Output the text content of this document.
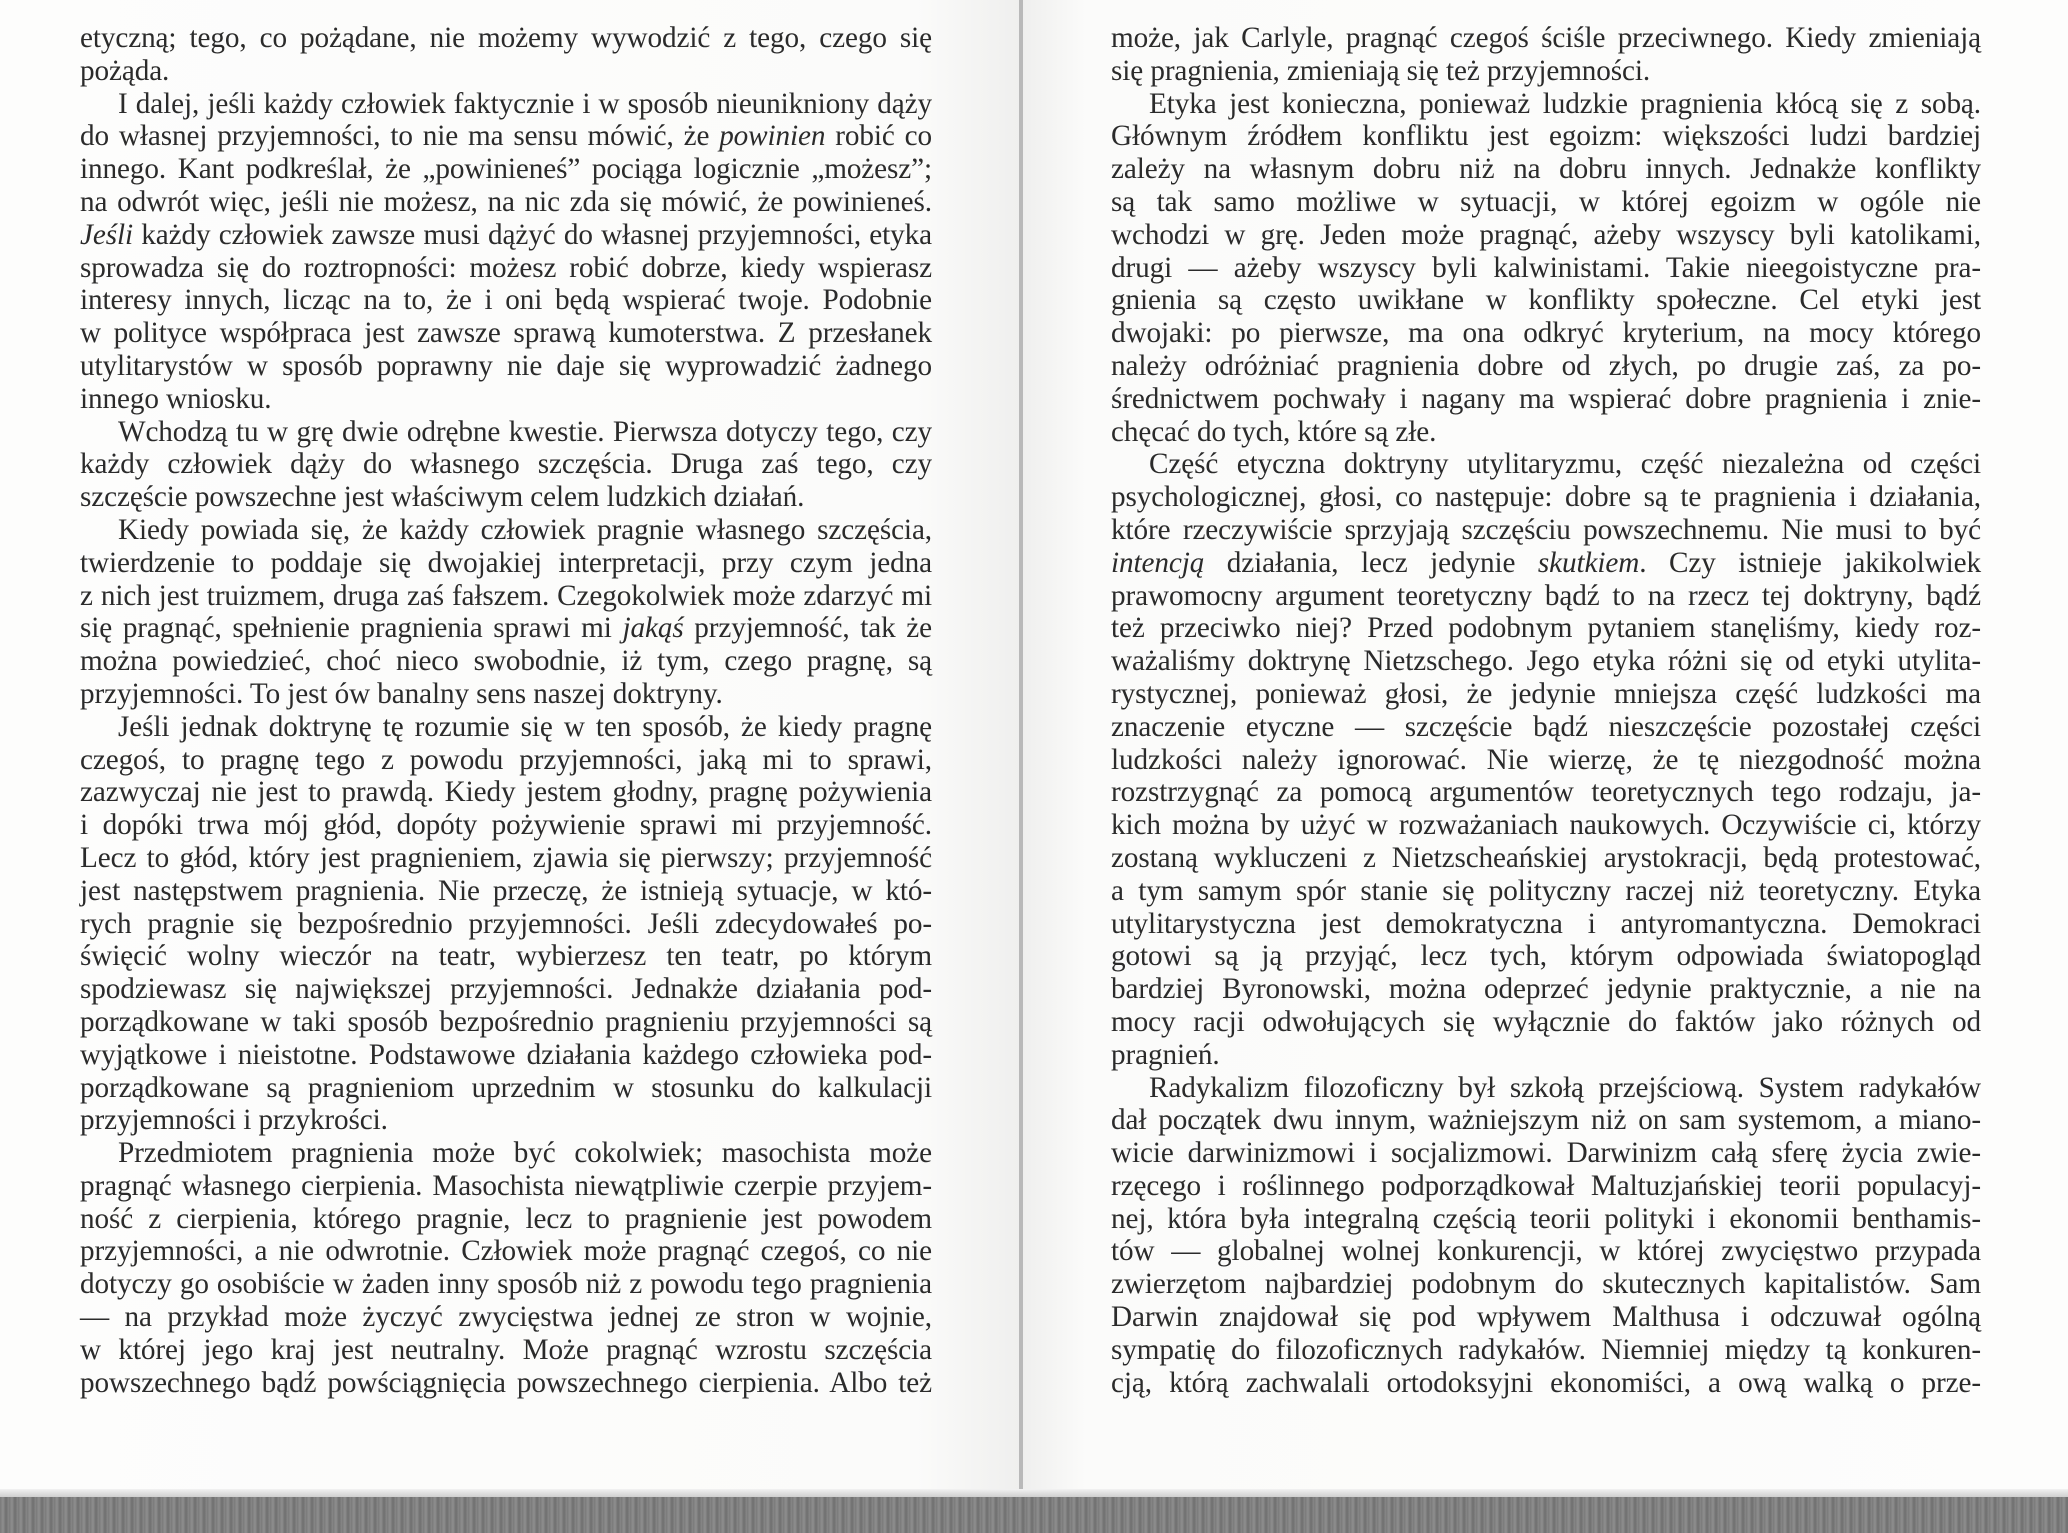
etyczną; tego, co pożądane, nie możemy wywodzić z tego, czego się
pożąda.
I dalej, jeśli każdy człowiek faktycznie i w sposób nieunikniony dąży
do własnej przyjemności, to nie ma sensu mówić, że powinien robić co
innego. Kant podkreślał, że „powinieneś” pociąga logicznie „możesz”;
na odwrót więc, jeśli nie możesz, na nic zda się mówić, że powinieneś.
Jeśli każdy człowiek zawsze musi dążyć do własnej przyjemności, etyka
sprowadza się do roztropności: możesz robić dobrze, kiedy wspierasz
interesy innych, licząc na to, że i oni będą wspierać twoje. Podobnie
w polityce współpraca jest zawsze sprawą kumoterstwa. Z przesłanek
utylitarystów w sposób poprawny nie daje się wyprowadzić żadnego
innego wniosku.
Wchodzą tu w grę dwie odrębne kwestie. Pierwsza dotyczy tego, czy
każdy człowiek dąży do własnego szczęścia. Druga zaś tego, czy
szczęście powszechne jest właściwym celem ludzkich działań.
Kiedy powiada się, że każdy człowiek pragnie własnego szczęścia,
twierdzenie to poddaje się dwojakiej interpretacji, przy czym jedna
z nich jest truizmem, druga zaś fałszem. Czegokolwiek może zdarzyć mi
się pragnąć, spełnienie pragnienia sprawi mi jakąś przyjemność, tak że
można powiedzieć, choć nieco swobodnie, iż tym, czego pragnę, są
przyjemności. To jest ów banalny sens naszej doktryny.
Jeśli jednak doktrynę tę rozumie się w ten sposób, że kiedy pragnę
czegoś, to pragnę tego z powodu przyjemności, jaką mi to sprawi,
zazwyczaj nie jest to prawdą. Kiedy jestem głodny, pragnę pożywienia
i dopóki trwa mój głód, dopóty pożywienie sprawi mi przyjemność.
Lecz to głód, który jest pragnieniem, zjawia się pierwszy; przyjemność
jest następstwem pragnienia. Nie przeczę, że istnieją sytuacje, w któ-
rych pragnie się bezpośrednio przyjemności. Jeśli zdecydowałeś po-
święcić wolny wieczór na teatr, wybierzesz ten teatr, po którym
spodziewasz się największej przyjemności. Jednakże działania pod-
porządkowane w taki sposób bezpośrednio pragnieniu przyjemności są
wyjątkowe i nieistotne. Podstawowe działania każdego człowieka pod-
porządkowane są pragnieniom uprzednim w stosunku do kalkulacji
przyjemności i przykrości.
Przedmiotem pragnienia może być cokolwiek; masochista może
pragnąć własnego cierpienia. Masochista niewątpliwie czerpie przyjem-
ność z cierpienia, którego pragnie, lecz to pragnienie jest powodem
przyjemności, a nie odwrotnie. Człowiek może pragnąć czegoś, co nie
dotyczy go osobiście w żaden inny sposób niż z powodu tego pragnienia
— na przykład może życzyć zwycięstwa jednej ze stron w wojnie,
w której jego kraj jest neutralny. Może pragnąć wzrostu szczęścia
powszechnego bądź powściągnięcia powszechnego cierpienia. Albo też
może, jak Carlyle, pragnąć czegoś ściśle przeciwnego. Kiedy zmieniają
się pragnienia, zmieniają się też przyjemności.
Etyka jest konieczna, ponieważ ludzkie pragnienia kłócą się z sobą.
Głównym źródłem konfliktu jest egoizm: większości ludzi bardziej
zależy na własnym dobru niż na dobru innych. Jednakże konflikty
są tak samo możliwe w sytuacji, w której egoizm w ogóle nie
wchodzi w grę. Jeden może pragnąć, ażeby wszyscy byli katolikami,
drugi — ażeby wszyscy byli kalwinistami. Takie nieegoistyczne pra-
gnienia są często uwikłane w konflikty społeczne. Cel etyki jest
dwojaki: po pierwsze, ma ona odkryć kryterium, na mocy którego
należy odróżniać pragnienia dobre od złych, po drugie zaś, za po-
średnictwem pochwały i nagany ma wspierać dobre pragnienia i znie-
chęcać do tych, które są złe.
Część etyczna doktryny utylitaryzmu, część niezależna od części
psychologicznej, głosi, co następuje: dobre są te pragnienia i działania,
które rzeczywiście sprzyjają szczęściu powszechnemu. Nie musi to być
intencją działania, lecz jedynie skutkiem. Czy istnieje jakikolwiek
prawomocny argument teoretyczny bądź to na rzecz tej doktryny, bądź
też przeciwko niej? Przed podobnym pytaniem stanęliśmy, kiedy roz-
ważaliśmy doktrynę Nietzschego. Jego etyka różni się od etyki utylita-
rystycznej, ponieważ głosi, że jedynie mniejsza część ludzkości ma
znaczenie etyczne — szczęście bądź nieszczęście pozostałej części
ludzkości należy ignorować. Nie wierzę, że tę niezgodność można
rozstrzygnąć za pomocą argumentów teoretycznych tego rodzaju, ja-
kich można by użyć w rozważaniach naukowych. Oczywiście ci, którzy
zostaną wykluczeni z Nietzscheańskiej arystokracji, będą protestować,
a tym samym spór stanie się polityczny raczej niż teoretyczny. Etyka
utylitarystyczna jest demokratyczna i antyromantyczna. Demokraci
gotowi są ją przyjąć, lecz tych, którym odpowiada światopogląd
bardziej Byronowski, można odeprzeć jedynie praktycznie, a nie na
mocy racji odwołujących się wyłącznie do faktów jako różnych od
pragnień.
Radykalizm filozoficzny był szkołą przejściową. System radykałów
dał początek dwu innym, ważniejszym niż on sam systemom, a miano-
wicie darwinizmowi i socjalizmowi. Darwinizm całą sferę życia zwie-
rzęcego i roślinnego podporządkował Maltuzjańskiej teorii populacyj-
nej, która była integralną częścią teorii polityki i ekonomii benthamis-
tów — globalnej wolnej konkurencji, w której zwycięstwo przypada
zwierzętom najbardziej podobnym do skutecznych kapitalistów. Sam
Darwin znajdował się pod wpływem Malthusa i odczuwał ogólną
sympatię do filozoficznych radykałów. Niemniej między tą konkuren-
cją, którą zachwalali ortodoksyjni ekonomiści, a ową walką o prze-
